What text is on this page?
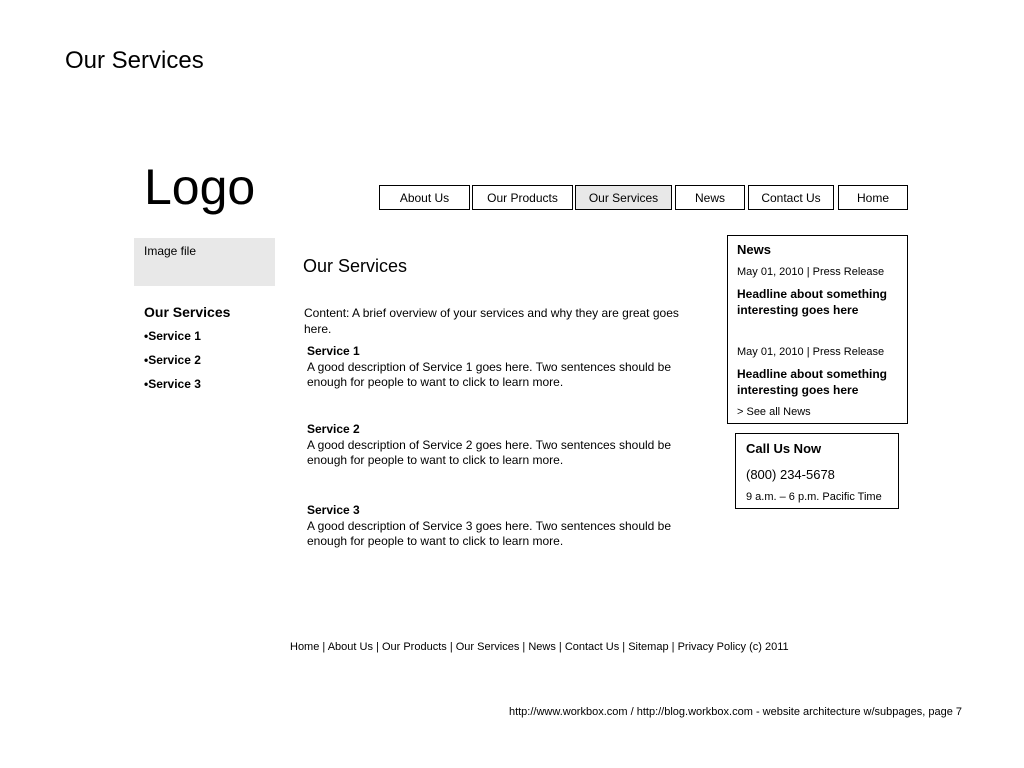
Our Services
Logo	About Us	Our Products	Our Services	News	Contact Us	Home
Image file
Our Services
•Service 1
•Service 2
•Service 3
Our Services
Content: A brief overview of your services and why they are great goes here.
Service 1
A good description of Service 1 goes here. Two sentences should be enough for people to want to click to learn more.
Service 2
A good description of Service 2 goes here. Two sentences should be enough for people to want to click to learn more.
Service 3
A good description of Service 3 goes here. Two sentences should be enough for people to want to click to learn more.
News
May 01, 2010 | Press Release
Headline about something interesting goes here
May 01, 2010 | Press Release
Headline about something interesting goes here
> See all News
Call Us Now
(800) 234-5678
9 a.m. – 6 p.m. Pacific Time
Home | About Us | Our Products | Our Services | News | Contact Us | Sitemap | Privacy Policy (c) 2011
http://www.workbox.com / http://blog.workbox.com - website architecture w/subpages, page 7
